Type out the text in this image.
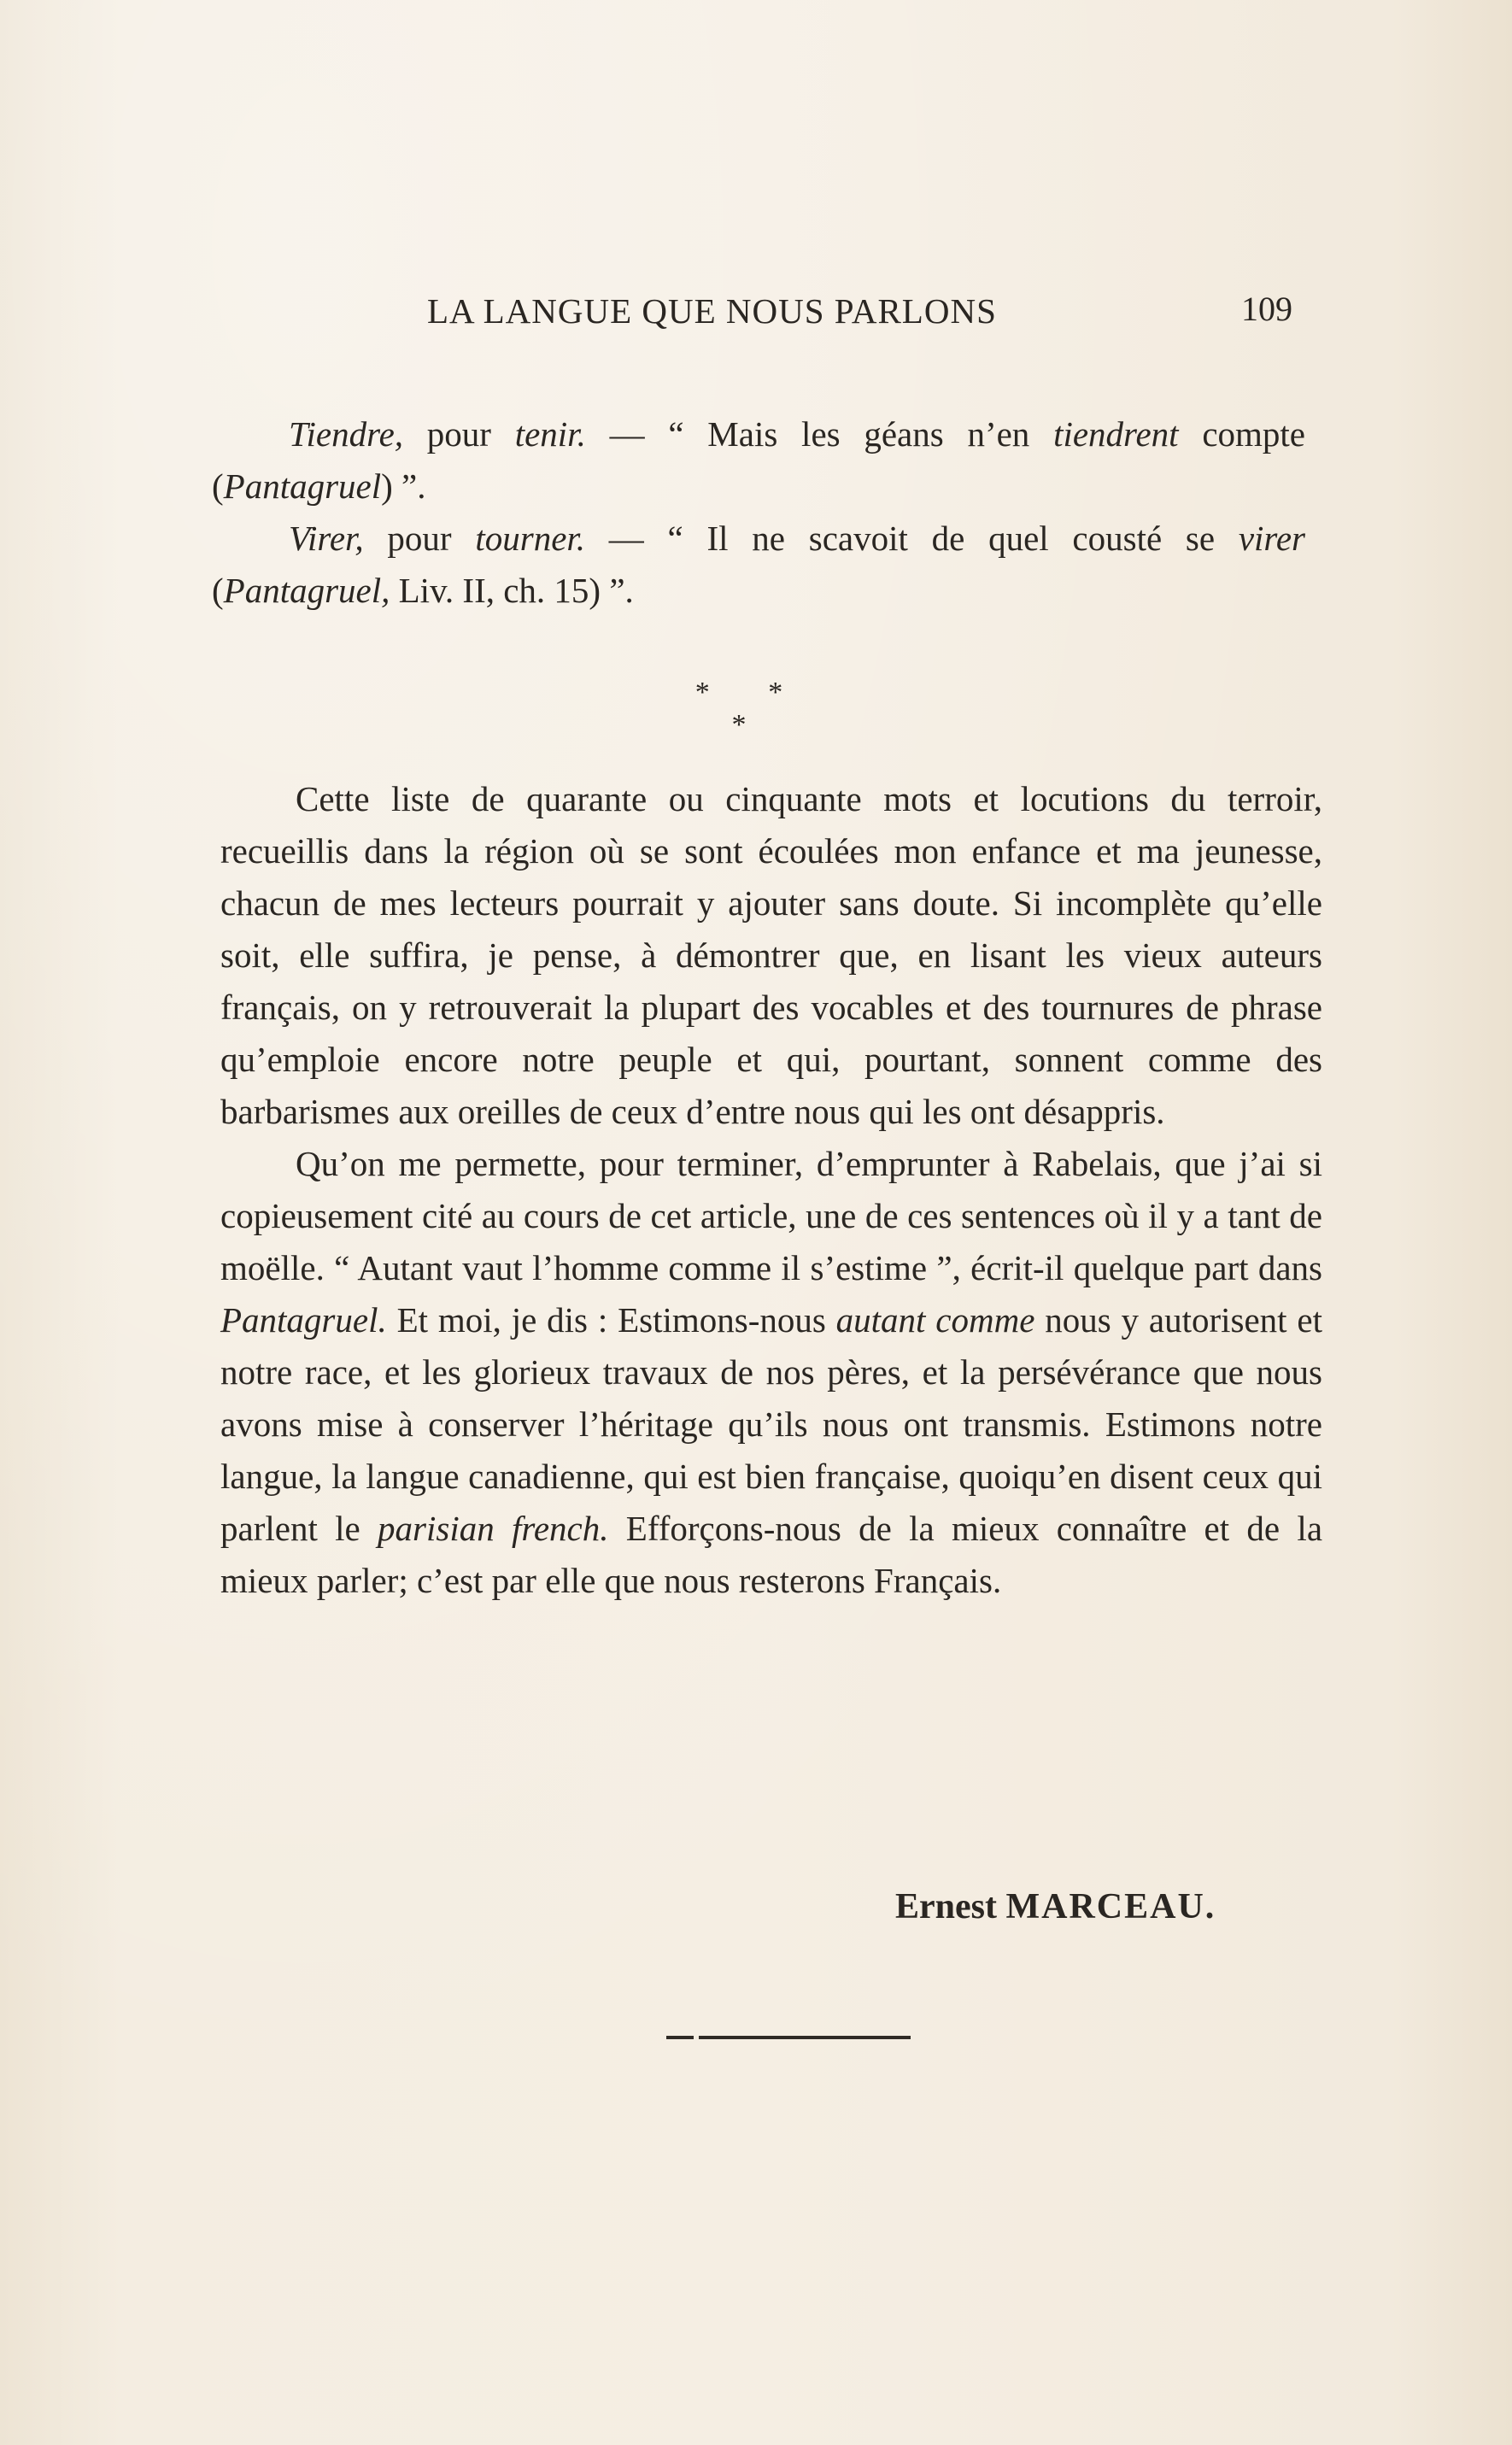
LA LANGUE QUE NOUS PARLONS	109

Tiendre, pour tenir. — “ Mais les géans n’en tiendrent compte (Pantagruel) ”.

Virer, pour tourner. — “ Il ne scavoit de quel cousté se virer (Pantagruel, Liv. II, ch. 15) ”.

* * *

Cette liste de quarante ou cinquante mots et locutions du terroir, recueillis dans la région où se sont écoulées mon enfance et ma jeunesse, chacun de mes lecteurs pourrait y ajouter sans doute. Si incomplète qu’elle soit, elle suffira, je pense, à démontrer que, en lisant les vieux auteurs français, on y retrouverait la plupart des vocables et des tournures de phrase qu’emploie encore notre peuple et qui, pourtant, sonnent comme des barbarismes aux oreilles de ceux d’entre nous qui les ont désappris.

Qu’on me permette, pour terminer, d’emprunter à Rabelais, que j’ai si copieusement cité au cours de cet article, une de ces sentences où il y a tant de moëlle. “ Autant vaut l’homme comme il s’estime ”, écrit-il quelque part dans Pantagruel. Et moi, je dis : Estimons-nous autant comme nous y autorisent et notre race, et les glorieux travaux de nos pères, et la persévérance que nous avons mise à conserver l’héritage qu’ils nous ont transmis. Estimons notre langue, la langue canadienne, qui est bien française, quoiqu’en disent ceux qui parlent le parisian french. Efforçons-nous de la mieux connaître et de la mieux parler; c’est par elle que nous resterons Français.

Ernest MARCEAU.
